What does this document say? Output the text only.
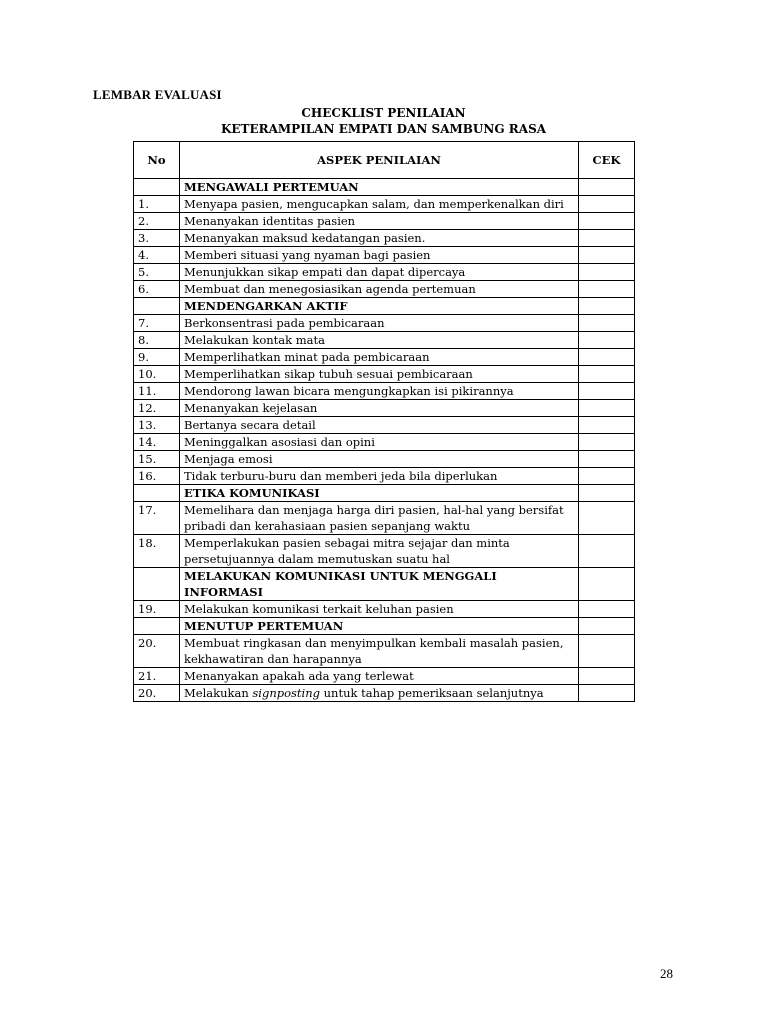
LEMBAR EVALUASI
CHECKLIST PENILAIAN
KETERAMPILAN EMPATI DAN SAMBUNG RASA
No	ASPEK PENILAIAN	CEK
	MENGAWALI PERTEMUAN	
1.	Menyapa pasien, mengucapkan salam, dan memperkenalkan diri	
2.	Menanyakan identitas pasien	
3.	Menanyakan maksud kedatangan pasien.	
4.	Memberi situasi yang nyaman bagi pasien	
5.	Menunjukkan sikap empati dan dapat dipercaya	
6.	Membuat dan menegosiasikan agenda pertemuan	
	MENDENGARKAN AKTIF	
7.	Berkonsentrasi pada pembicaraan	
8.	Melakukan kontak mata	
9.	Memperlihatkan minat pada pembicaraan	
10.	Memperlihatkan sikap tubuh sesuai pembicaraan	
11.	Mendorong lawan bicara mengungkapkan isi pikirannya	
12.	Menanyakan kejelasan	
13.	Bertanya secara detail	
14.	Meninggalkan asosiasi dan opini	
15.	Menjaga emosi	
16.	Tidak terburu-buru dan memberi jeda bila diperlukan	
	ETIKA KOMUNIKASI	
17.	Memelihara dan menjaga harga diri pasien, hal-hal yang bersifat pribadi dan kerahasiaan pasien sepanjang waktu	
18.	Memperlakukan pasien sebagai mitra sejajar dan minta persetujuannya dalam memutuskan suatu hal	
	MELAKUKAN KOMUNIKASI UNTUK MENGGALI INFORMASI	
19.	Melakukan komunikasi terkait keluhan pasien	
	MENUTUP PERTEMUAN	
20.	Membuat ringkasan dan menyimpulkan kembali masalah pasien, kekhawatiran dan harapannya	
21.	Menanyakan apakah ada yang terlewat	
20.	Melakukan signposting untuk tahap pemeriksaan selanjutnya	
28
